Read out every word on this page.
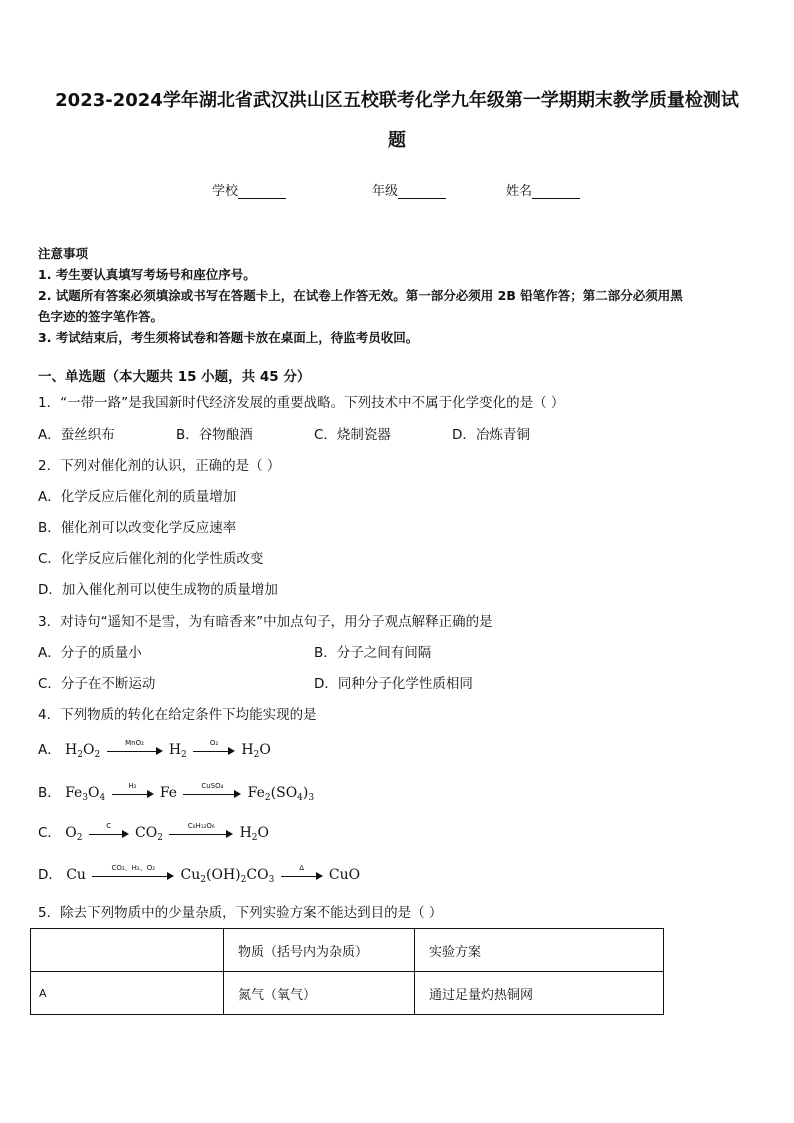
2023-2024学年湖北省武汉洪山区五校联考化学九年级第一学期期末教学质量检测试
题
学校	年级	姓名
注意事项
1. 考生要认真填写考场号和座位序号。
2. 试题所有答案必须填涂或书写在答题卡上，在试卷上作答无效。第一部分必须用 2B 铅笔作答；第二部分必须用黑
色字迹的签字笔作答。
3. 考试结束后，考生须将试卷和答题卡放在桌面上，待监考员收回。
一、单选题（本大题共 15 小题，共 45 分）
1．“一带一路”是我国新时代经济发展的重要战略。下列技术中不属于化学变化的是（ ）
A．蚕丝织布	B．谷物酿酒	C．烧制瓷器	D．冶炼青铜
2．下列对催化剂的认识，正确的是（ ）
A．化学反应后催化剂的质量增加
B．催化剂可以改变化学反应速率
C．化学反应后催化剂的化学性质改变
D．加入催化剂可以使生成物的质量增加
3．对诗句“遥知不是雪，为有暗香来”中加点句子，用分子观点解释正确的是
A．分子的质量小	B．分子之间有间隔
C．分子在不断运动	D．同种分子化学性质相同
4．下列物质的转化在给定条件下均能实现的是
A． $H_2O_2$
MnO₂	$H_2$
O₂	$H_2O$
B． $Fe_3O_4$
H₂	Fe	CuSO₄	$Fe_2(SO_4)_3$
C． $O_2$
C	$CO_2$
C₆H₁₂O₆	$H_2O$
D． Cu	CO₂、H₂、O₂	$Cu_2(OH)_2CO_3$
Δ	CuO
5．除去下列物质中的少量杂质，下列实验方案不能达到目的是（ ）
	物质（括号内为杂质）	实验方案
A	氮气（氧气）	通过足量灼热铜网
